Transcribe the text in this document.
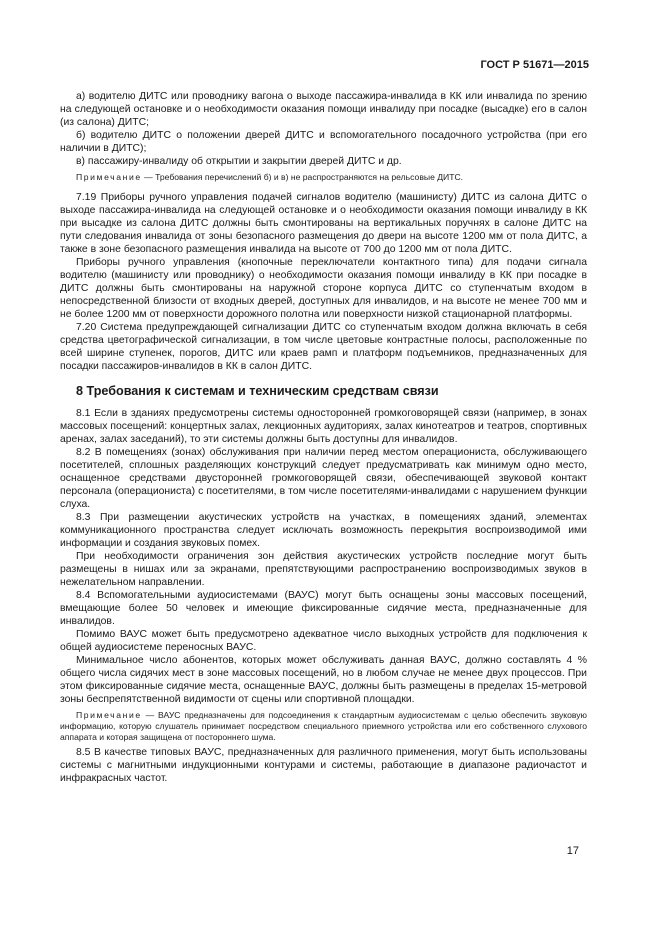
ГОСТ Р 51671—2015

а) водителю ДИТС или проводнику вагона о выходе пассажира-инвалида в КК или инвалида по зрению на следующей остановке и о необходимости оказания помощи инвалиду при посадке (высадке) его в салон (из салона) ДИТС;

б) водителю ДИТС о положении дверей ДИТС и вспомогательного посадочного устройства (при его наличии в ДИТС);

в) пассажиру-инвалиду об открытии и закрытии дверей ДИТС и др.

Примечание — Требования перечислений б) и в) не распространяются на рельсовые ДИТС.

7.19 Приборы ручного управления подачей сигналов водителю (машинисту) ДИТС из салона ДИТС о выходе пассажира-инвалида на следующей остановке и о необходимости оказания помощи инвалиду в КК при высадке из салона ДИТС должны быть смонтированы на вертикальных поручнях в салоне ДИТС на пути следования инвалида от зоны безопасного размещения до двери на высоте 1200 мм от пола ДИТС, а также в зоне безопасного размещения инвалида на высоте от 700 до 1200 мм от пола ДИТС.

Приборы ручного управления (кнопочные переключатели контактного типа) для подачи сигнала водителю (машинисту или проводнику) о необходимости оказания помощи инвалиду в КК при посадке в ДИТС должны быть смонтированы на наружной стороне корпуса ДИТС со ступенчатым входом в непосредственной близости от входных дверей, доступных для инвалидов, и на высоте не менее 700 мм и не более 1200 мм от поверхности дорожного полотна или поверхности низкой стационарной платформы.

7.20 Система предупреждающей сигнализации ДИТС со ступенчатым входом должна включать в себя средства цветографической сигнализации, в том числе цветовые контрастные полосы, расположенные по всей ширине ступенек, порогов, ДИТС или краев рамп и платформ подъемников, предназначенных для посадки пассажиров-инвалидов в КК в салон ДИТС.

8 Требования к системам и техническим средствам связи

8.1 Если в зданиях предусмотрены системы односторонней громкоговорящей связи (например, в зонах массовых посещений: концертных залах, лекционных аудиториях, залах кинотеатров и театров, спортивных аренах, залах заседаний), то эти системы должны быть доступны для инвалидов.

8.2 В помещениях (зонах) обслуживания при наличии перед местом операциониста, обслуживающего посетителей, сплошных разделяющих конструкций следует предусматривать как минимум одно место, оснащенное средствами двусторонней громкоговорящей связи, обеспечивающей звуковой контакт персонала (операциониста) с посетителями, в том числе посетителями-инвалидами с нарушением функции слуха.

8.3 При размещении акустических устройств на участках, в помещениях зданий, элементах коммуникационного пространства следует исключать возможность перекрытия воспроизводимой ими информации и создания звуковых помех.

При необходимости ограничения зон действия акустических устройств последние могут быть размещены в нишах или за экранами, препятствующими распространению воспроизводимых звуков в нежелательном направлении.

8.4 Вспомогательными аудиосистемами (ВАУС) могут быть оснащены зоны массовых посещений, вмещающие более 50 человек и имеющие фиксированные сидячие места, предназначенные для инвалидов.

Помимо ВАУС может быть предусмотрено адекватное число выходных устройств для подключения к общей аудиосистеме переносных ВАУС.

Минимальное число абонентов, которых может обслуживать данная ВАУС, должно составлять 4 % общего числа сидячих мест в зоне массовых посещений, но в любом случае не менее двух процессов. При этом фиксированные сидячие места, оснащенные ВАУС, должны быть размещены в пределах 15-метровой зоны беспрепятственной видимости от сцены или спортивной площадки.

Примечание — ВАУС предназначены для подсоединения к стандартным аудиосистемам с целью обеспечить звуковую информацию, которую слушатель принимает посредством специального приемного устройства или его собственного слухового аппарата и которая защищена от постороннего шума.

8.5 В качестве типовых ВАУС, предназначенных для различного применения, могут быть использованы системы с магнитными индукционными контурами и системы, работающие в диапазоне радиочастот и инфракрасных частот.

17
